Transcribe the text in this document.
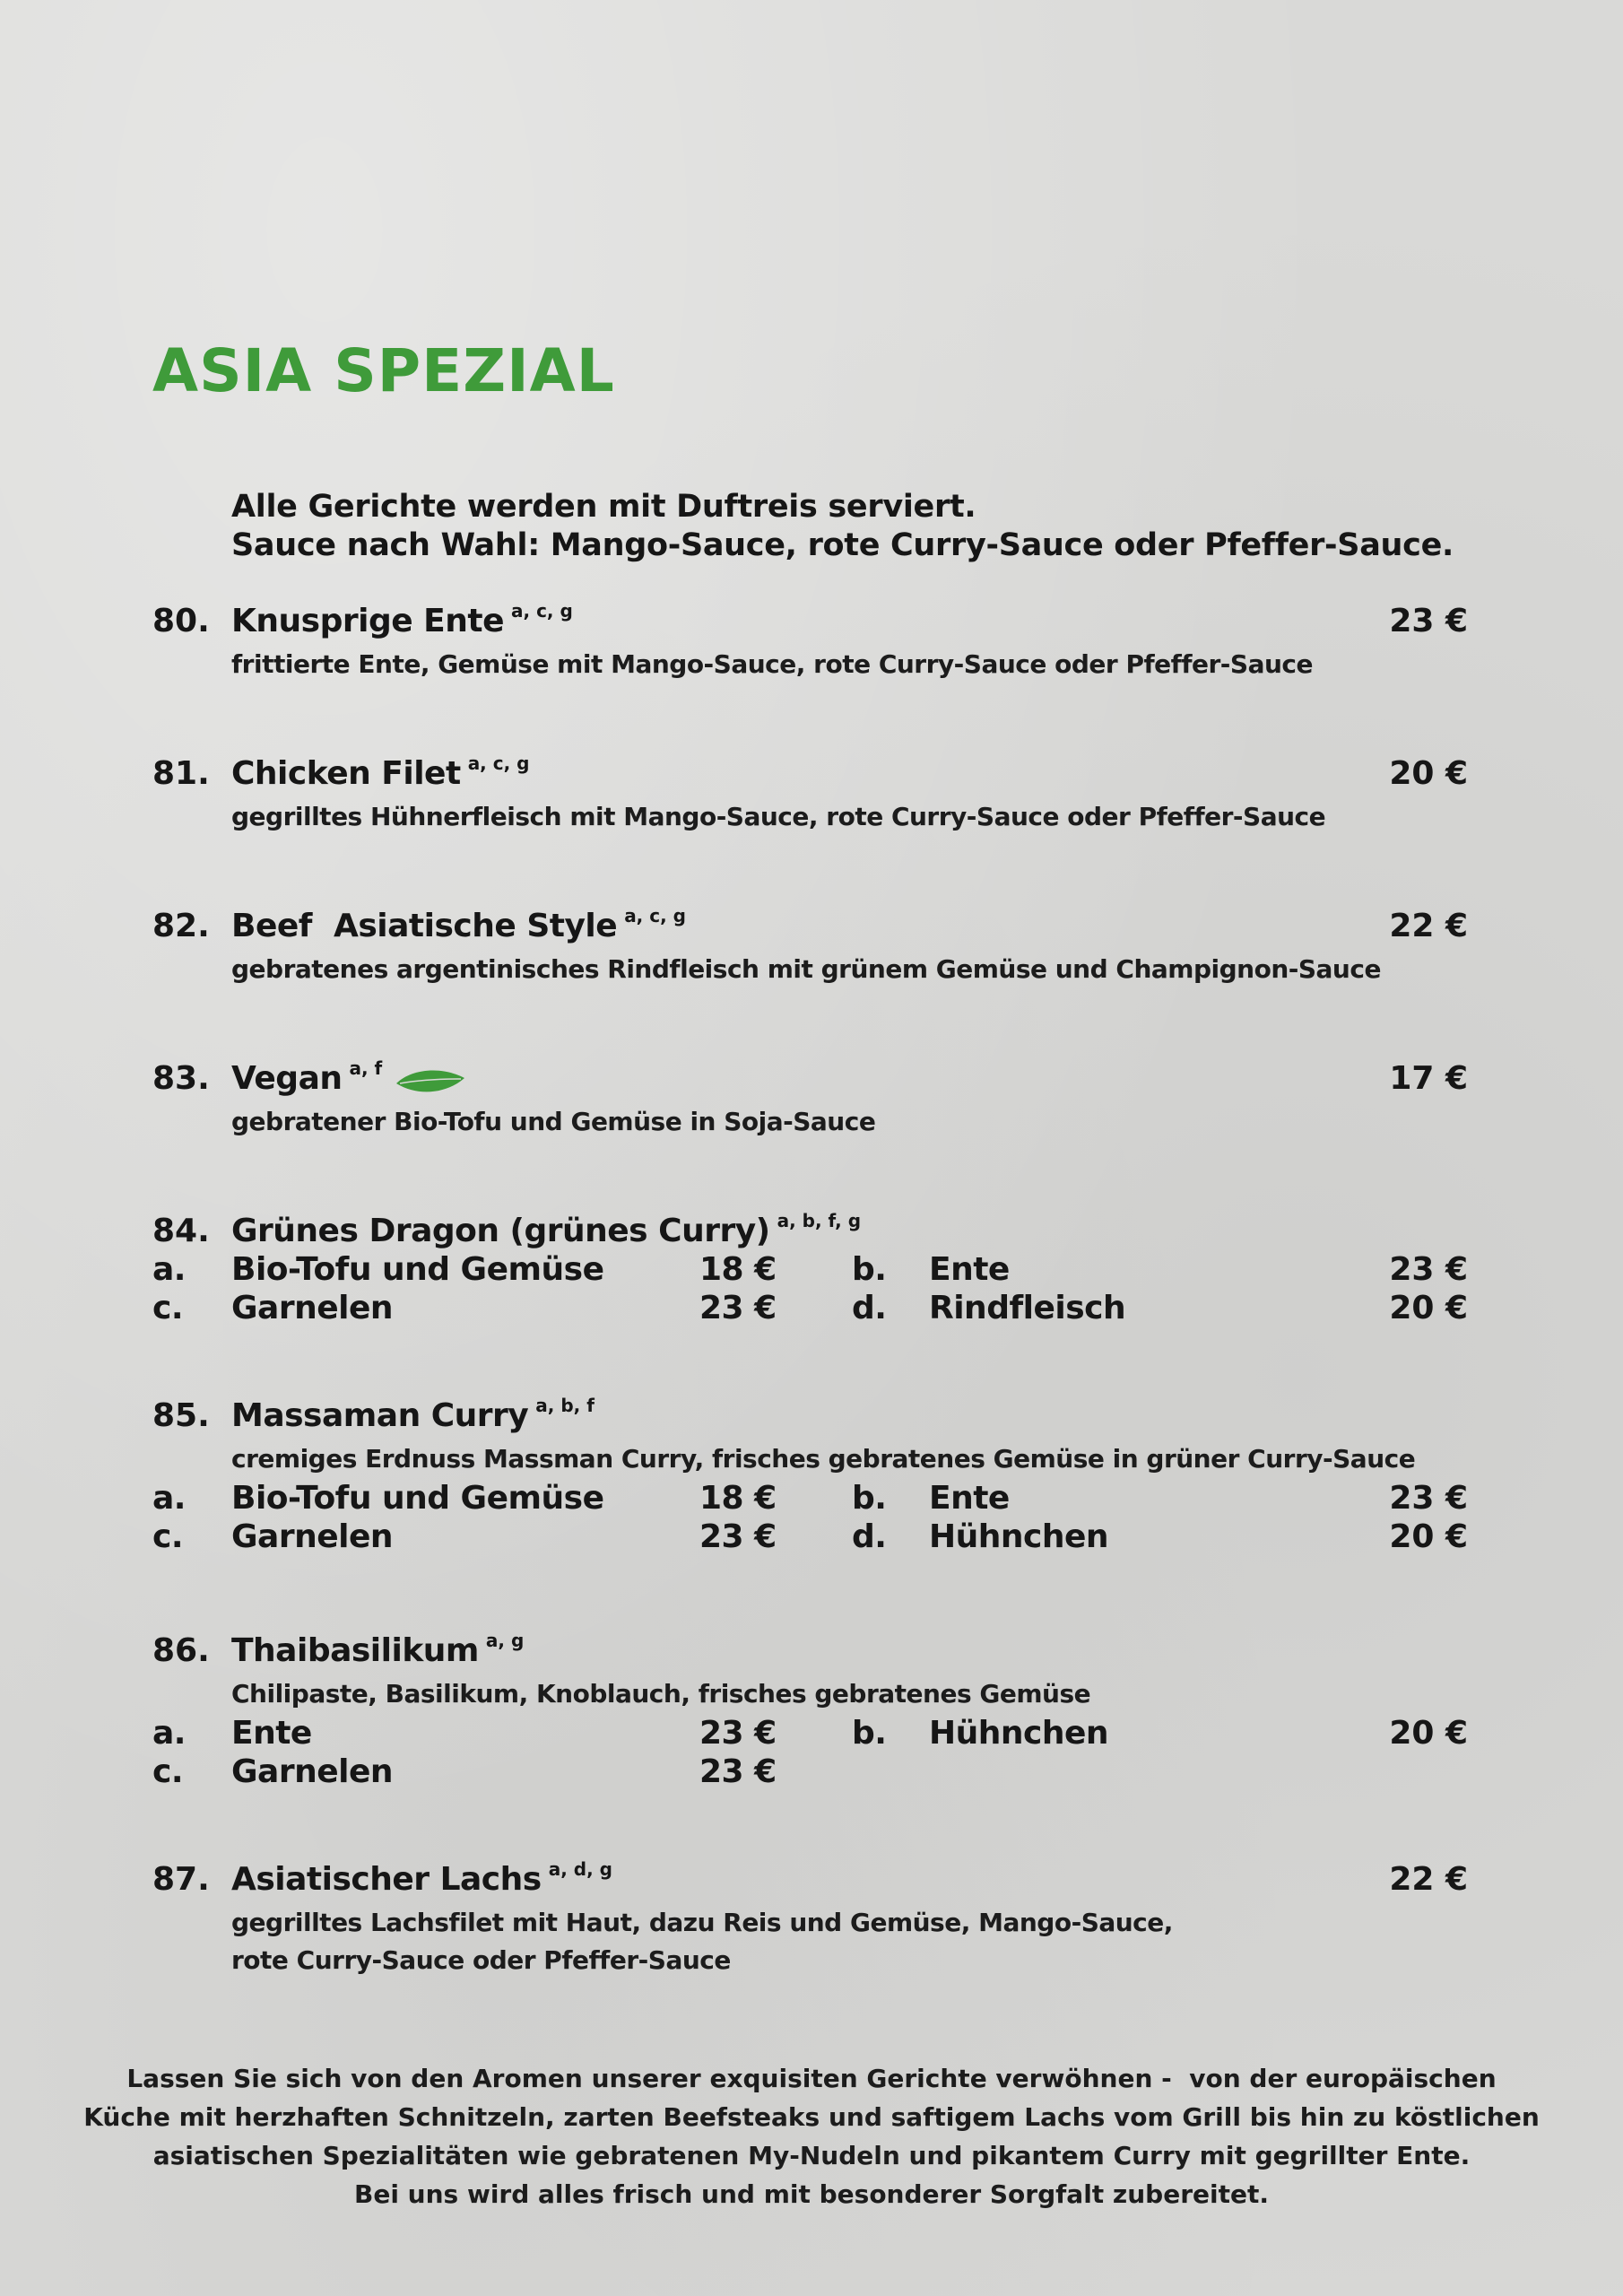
ASIA SPEZIAL
Alle Gerichte werden mit Duftreis serviert.
Sauce nach Wahl: Mango-Sauce, rote Curry-Sauce oder Pfeffer-Sauce.
80. Knusprige Ente $^{a, c, g}$	23 €
frittierte Ente, Gemüse mit Mango-Sauce, rote Curry-Sauce oder Pfeffer-Sauce
81. Chicken Filet $^{a, c, g}$	20 €
gegrilltes Hühnerfleisch mit Mango-Sauce, rote Curry-Sauce oder Pfeffer-Sauce
82. Beef  Asiatische Style $^{a, c, g}$	22 €
gebratenes argentinisches Rindfleisch mit grünem Gemüse und Champignon-Sauce
83. Vegan $^{a, f}$	17 €
gebratener Bio-Tofu und Gemüse in Soja-Sauce
84. Grünes Dragon (grünes Curry) $^{a, b, f, g}$
a. Bio-Tofu und Gemüse	18 € b. Ente	23 €
c. Garnelen	23 € d. Rindfleisch	20 €
85. Massaman Curry $^{a, b, f}$
cremiges Erdnuss Massman Curry, frisches gebratenes Gemüse in grüner Curry-Sauce
a. Bio-Tofu und Gemüse	18 € b. Ente	23 €
c. Garnelen	23 € d. Hühnchen	20 €
86. Thaibasilikum $^{a, g}$
Chilipaste, Basilikum, Knoblauch, frisches gebratenes Gemüse
a. Ente	23 € b. Hühnchen	20 €
c. Garnelen	23 €
87. Asiatischer Lachs $^{a, d, g}$	22 €
gegrilltes Lachsfilet mit Haut, dazu Reis und Gemüse, Mango-Sauce,
rote Curry-Sauce oder Pfeffer-Sauce
Lassen Sie sich von den Aromen unserer exquisiten Gerichte verwöhnen -  von der europäischen
Küche mit herzhaften Schnitzeln, zarten Beefsteaks und saftigem Lachs vom Grill bis hin zu köstlichen
asiatischen Spezialitäten wie gebratenen My-Nudeln und pikantem Curry mit gegrillter Ente.
Bei uns wird alles frisch und mit besonderer Sorgfalt zubereitet.
